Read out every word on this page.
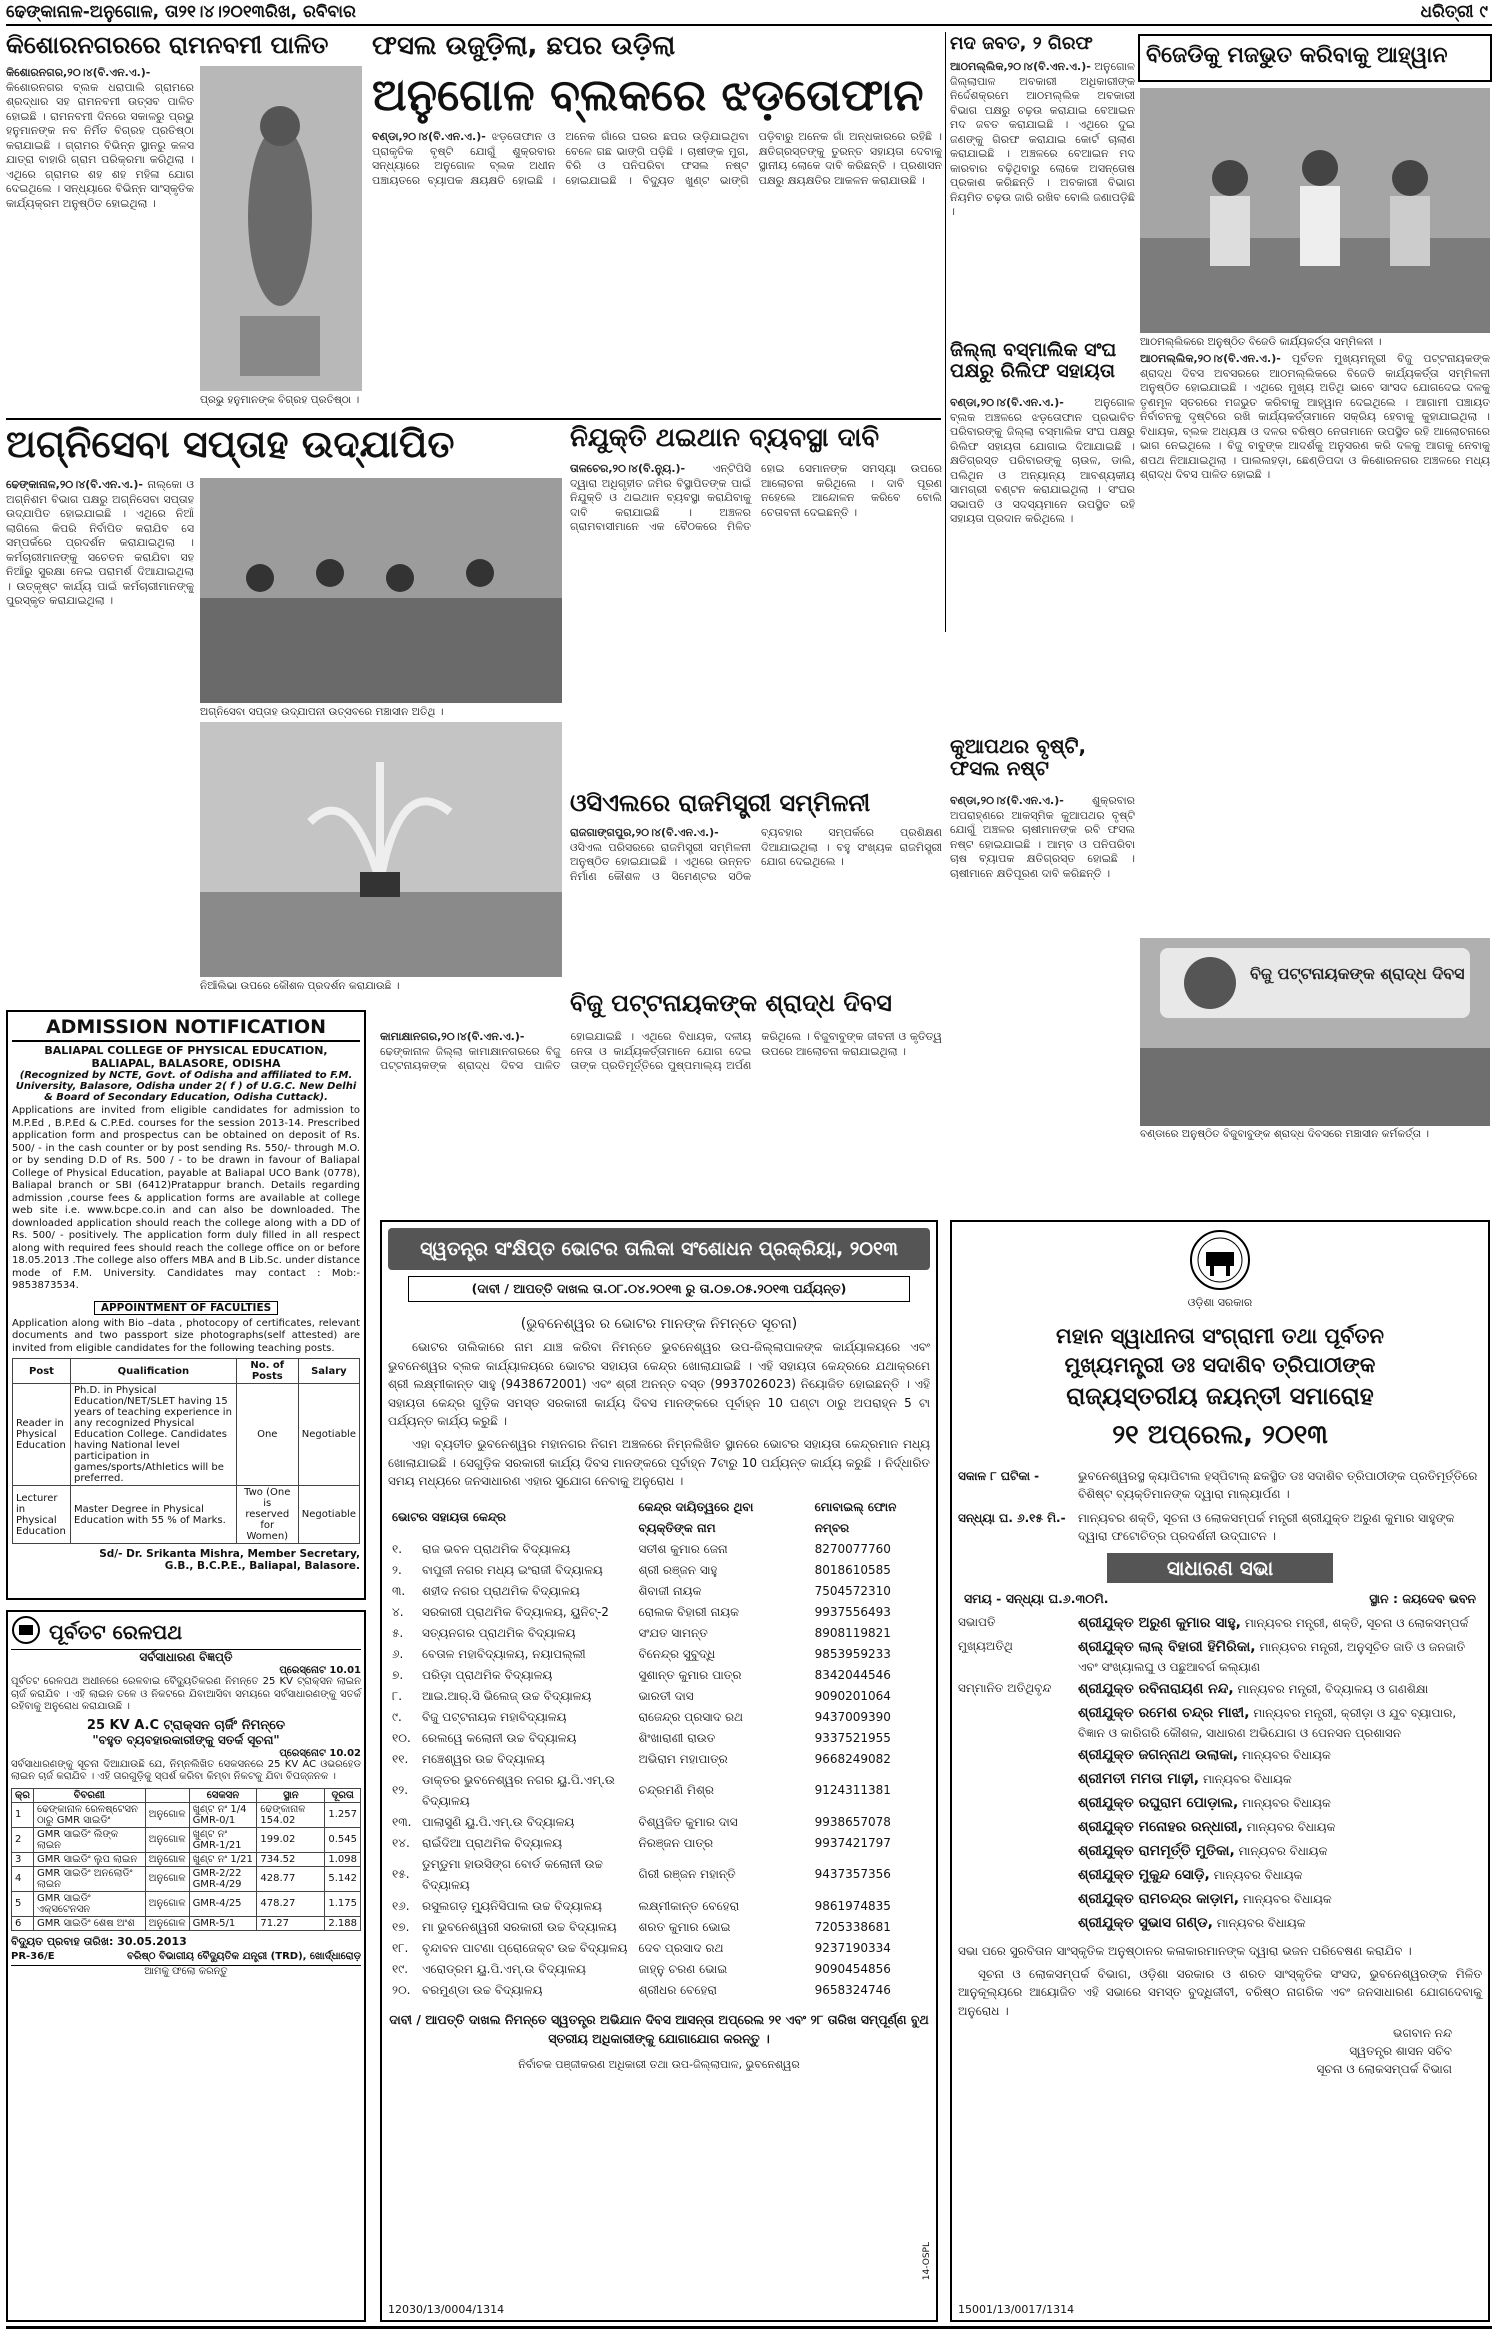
ଢେଙ୍କାନାଳ-ଅନୁଗୋଳ, ତା୨୧।୪।୨୦୧୩ରିଖ, ରବିବାର	ଧରିତ୍ରୀ ୯
କିଶୋରନଗରରେ ରାମନବମୀ ପାଳିତ
କିଶୋରନଗର,୨୦।୪(ବି.ଏନ.ଏ.)- କିଶୋରନଗର ବ୍ଲକ ଧରାପାଲି ଗ୍ରାମରେ ଶ୍ରଦ୍ଧାର ସହ ରାମନବମୀ ଉତ୍ସବ ପାଳିତ ହୋଇଛି । ରାମନବମୀ ଦିନରେ ସକାଳରୁ ପ୍ରଭୁ ହନୁମାନଙ୍କ ନବ ନିର୍ମିତ ବିଗ୍ରହ ପ୍ରତିଷ୍ଠା କରାଯାଇଛି । ଗ୍ରାମର ବିଭିନ୍ନ ସ୍ଥାନରୁ କଳସ ଯାତ୍ରା ବାହାରି ଗ୍ରାମ ପରିକ୍ରମା କରିଥିଲା । ଏଥିରେ ଗ୍ରାମର ଶହ ଶହ ମହିଳା ଯୋଗ ଦେଇଥିଲେ । ସନ୍ଧ୍ୟାରେ ବିଭିନ୍ନ ସାଂସ୍କୃତିକ କାର୍ଯ୍ୟକ୍ରମ ଅନୁଷ୍ଠିତ ହୋଇଥିଲା ।
ପ୍ରଭୁ ହନୁମାନଙ୍କ ବିଗ୍ରହ ପ୍ରତିଷ୍ଠା ।
ଫସଲ ଉଜୁଡ଼ିଲା, ଛପର ଉଡ଼ିଲା
ଅନୁଗୋଳ ବ୍ଲକରେ ଝଡ଼ତୋଫାନ
ବଣ୍ଡା,୨୦।୪(ବି.ଏନ.ଏ.)- ଝଡ଼ତୋଫାନ ଓ ପ୍ରାକୃତିକ ବୃଷ୍ଟି ଯୋଗୁଁ ଶୁକ୍ରବାର ସନ୍ଧ୍ୟାରେ ଅନୁଗୋଳ ବ୍ଲକ ଅଧୀନ ପଞ୍ଚାୟତରେ ବ୍ୟାପକ କ୍ଷୟକ୍ଷତି ହୋଇଛି । ଅନେକ ଗାଁରେ ଘରର ଛପର ଉଡ଼ିଯାଇଥିବା ବେଳେ ଗଛ ଭାଙ୍ଗି ପଡ଼ିଛି । ଚାଷୀଙ୍କ ମୁଗ, ବିରି ଓ ପନିପରିବା ଫସଲ ନଷ୍ଟ ହୋଇଯାଇଛି । ବିଦ୍ୟୁତ ଖୁଣ୍ଟ ଭାଙ୍ଗି ପଡ଼ିବାରୁ ଅନେକ ଗାଁ ଅନ୍ଧକାରରେ ରହିଛି । କ୍ଷତିଗ୍ରସ୍ତଙ୍କୁ ତୁରନ୍ତ ସହାୟତା ଦେବାକୁ ସ୍ଥାନୀୟ ଲୋକେ ଦାବି କରିଛନ୍ତି । ପ୍ରଶାସନ ପକ୍ଷରୁ କ୍ଷୟକ୍ଷତିର ଆକଳନ କରାଯାଉଛି ।
ମଦ ଜବତ, ୨ ଗିରଫ
ଆଠମଲ୍ଲିକ,୨୦।୪(ବି.ଏନ.ଏ.)- ଅନୁଗୋଳ ଜିଲ୍ଲାପାଳ ଅବକାରୀ ଅଧିକାରୀଙ୍କ ନିର୍ଦ୍ଦେଶକ୍ରମେ ଆଠମଲ୍ଲିକ ଅବକାରୀ ବିଭାଗ ପକ୍ଷରୁ ଚଢ଼ଉ କରାଯାଇ ବେଆଇନ ମଦ ଜବତ କରାଯାଇଛି । ଏଥିରେ ଦୁଇ ଜଣଙ୍କୁ ଗିରଫ କରାଯାଇ କୋର୍ଟ ଚାଲାଣ କରାଯାଇଛି । ଅଞ୍ଚଳରେ ବେଆଇନ ମଦ କାରବାର ବଢ଼ିଥିବାରୁ ଲୋକେ ଅସନ୍ତୋଷ ପ୍ରକାଶ କରିଛନ୍ତି । ଅବକାରୀ ବିଭାଗ ନିୟମିତ ଚଢ଼ଉ ଜାରି ରଖିବ ବୋଲି ଜଣାପଡ଼ିଛି ।
ବିଜେଡିକୁ ମଜଭୁତ କରିବାକୁ ଆହ୍ୱାନ
ଆଠମଲ୍ଲିକରେ ଅନୁଷ୍ଠିତ ବିଜେଡି କାର୍ଯ୍ୟକର୍ତ୍ତା ସମ୍ମିଳନୀ ।
ଆଠମଲ୍ଲିକ,୨୦।୪(ବି.ଏନ.ଏ.)- ପୂର୍ବତନ ମୁଖ୍ୟମନ୍ତ୍ରୀ ବିଜୁ ପଟ୍ଟନାୟକଙ୍କ ଶ୍ରାଦ୍ଧ ଦିବସ ଅବସରରେ ଆଠମଲ୍ଲିକରେ ବିଜେଡି କାର୍ଯ୍ୟକର୍ତ୍ତା ସମ୍ମିଳନୀ ଅନୁଷ୍ଠିତ ହୋଇଯାଇଛି । ଏଥିରେ ମୁଖ୍ୟ ଅତିଥି ଭାବେ ସାଂସଦ ଯୋଗଦେଇ ଦଳକୁ ତୃଣମୂଳ ସ୍ତରରେ ମଜଭୁତ କରିବାକୁ ଆହ୍ୱାନ ଦେଇଥିଲେ । ଆଗାମୀ ପଞ୍ଚାୟତ ନିର୍ବାଚନକୁ ଦୃଷ୍ଟିରେ ରଖି କାର୍ଯ୍ୟକର୍ତ୍ତାମାନେ ସକ୍ରିୟ ହେବାକୁ କୁହାଯାଇଥିଲା । ବିଧାୟକ, ବ୍ଲକ ଅଧ୍ୟକ୍ଷ ଓ ଦଳର ବରିଷ୍ଠ ନେତାମାନେ ଉପସ୍ଥିତ ରହି ଆଲୋଚନାରେ ଭାଗ ନେଇଥିଲେ । ବିଜୁ ବାବୁଙ୍କ ଆଦର୍ଶକୁ ଅନୁସରଣ କରି ଦଳକୁ ଆଗକୁ ନେବାକୁ ଶପଥ ନିଆଯାଇଥିଲା । ପାଲଲହଡ଼ା, ଛେଣ୍ଡିପଦା ଓ କିଶୋରନଗର ଅଞ୍ଚଳରେ ମଧ୍ୟ ଶ୍ରାଦ୍ଧ ଦିବସ ପାଳିତ ହୋଇଛି ।
ବିଜୁ ପଟ୍ଟନାୟକଙ୍କ ଶ୍ରାଦ୍ଧ ଦିବସ
ବଣ୍ଡାରେ ଅନୁଷ୍ଠିତ ବିଜୁବାବୁଙ୍କ ଶ୍ରାଦ୍ଧ ଦିବସରେ ମଞ୍ଚାସୀନ କର୍ମକର୍ତ୍ତା ।
ଅଗ୍ନିସେବା ସପ୍ତାହ ଉଦ୍‌ଯାପିତ
ଢେଙ୍କାନାଳ,୨୦।୪(ବି.ଏନ.ଏ.)- ନାଲ୍‌କୋ ଓ ଅଗ୍ନିଶମ ବିଭାଗ ପକ୍ଷରୁ ଅଗ୍ନିସେବା ସପ୍ତାହ ଉଦ୍‌ଯାପିତ ହୋଇଯାଇଛି । ଏଥିରେ ନିଆଁ ଲାଗିଲେ କିପରି ନିର୍ବାପିତ କରାଯିବ ସେ ସମ୍ପର୍କରେ ପ୍ରଦର୍ଶନ କରାଯାଇଥିଲା । କର୍ମଚାରୀମାନଙ୍କୁ ସଚେତନ କରାଯିବା ସହ ନିଆଁରୁ ସୁରକ୍ଷା ନେଇ ପରାମର୍ଶ ଦିଆଯାଇଥିଲା । ଉତ୍କୃଷ୍ଟ କାର୍ଯ୍ୟ ପାଇଁ କର୍ମଚାରୀମାନଙ୍କୁ ପୁରସ୍କୃତ କରାଯାଇଥିଲା ।
ଅଗ୍ନିସେବା ସପ୍ତାହ ଉଦ୍‌ଯାପନୀ ଉତ୍ସବରେ ମଞ୍ଚାସୀନ ଅତିଥି ।
ନିଆଁଲିଭା ଉପରେ କୌଶଳ ପ୍ରଦର୍ଶନ କରାଯାଉଛି ।
ନିଯୁକ୍ତି ଥଇଥାନ ବ୍ୟବସ୍ଥା ଦାବି
ତାଳଚେର,୨୦।୪(ବି.ନ୍ୟୁ.)-	ଏନ୍‌ଟିପିସି ଦ୍ୱାରା ଅଧିଗୃହୀତ ଜମିର ବିସ୍ଥାପିତଙ୍କ ପାଇଁ ନିଯୁକ୍ତି ଓ ଥଇଥାନ ବ୍ୟବସ୍ଥା କରାଯିବାକୁ ଦାବି କରାଯାଇଛି । ଅଞ୍ଚଳର ଗ୍ରାମବାସୀମାନେ ଏକ ବୈଠକରେ ମିଳିତ ହୋଇ ସେମାନଙ୍କ ସମସ୍ୟା ଉପରେ ଆଲୋଚନା କରିଥିଲେ । ଦାବି ପୂରଣ ନହେଲେ ଆନ୍ଦୋଳନ କରିବେ ବୋଲି ଚେତାବନୀ ଦେଇଛନ୍ତି ।
ଜିଲ୍ଲା ବସ୍‌ମାଲିକ ସଂଘ ପକ୍ଷରୁ ରିଲିଫ ସହାୟତା
ବଣ୍ଡା,୨୦।୪(ବି.ଏନ.ଏ.)-	ଅନୁଗୋଳ ବ୍ଲକ ଅଞ୍ଚଳରେ ଝଡ଼ତୋଫାନ ପ୍ରଭାବିତ ପରିବାରଙ୍କୁ ଜିଲ୍ଲା ବସ୍‌ମାଲିକ ସଂଘ ପକ୍ଷରୁ ରିଲିଫ ସହାୟତା ଯୋଗାଇ ଦିଆଯାଇଛି । କ୍ଷତିଗ୍ରସ୍ତ ପରିବାରଙ୍କୁ ଚାଉଳ, ଡାଲି, ପଲିଥିନ ଓ ଅନ୍ୟାନ୍ୟ ଆବଶ୍ୟକୀୟ ସାମଗ୍ରୀ ବଣ୍ଟନ କରାଯାଇଥିଲା । ସଂଘର ସଭାପତି ଓ ସଦସ୍ୟମାନେ ଉପସ୍ଥିତ ରହି ସହାୟତା ପ୍ରଦାନ କରିଥିଲେ ।
କୁଆପଥର ବୃଷ୍ଟି, ଫସଲ ନଷ୍ଟ
ବଣ୍ଡା,୨୦।୪(ବି.ଏନ.ଏ.)-	ଶୁକ୍ରବାର ଅପରାହ୍ଣରେ ଆକସ୍ମିକ କୁଆପଥର ବୃଷ୍ଟି ଯୋଗୁଁ ଅଞ୍ଚଳର ଚାଷୀମାନଙ୍କ ରବି ଫସଲ ନଷ୍ଟ ହୋଇଯାଇଛି । ଆମ୍ବ ଓ ପନିପରିବା ଚାଷ ବ୍ୟାପକ କ୍ଷତିଗ୍ରସ୍ତ ହୋଇଛି । ଚାଷୀମାନେ କ୍ଷତିପୂରଣ ଦାବି କରିଛନ୍ତି ।
ଓସିଏଲରେ ରାଜମିସ୍ତ୍ରୀ ସମ୍ମିଳନୀ
ରାଜଗାଙ୍ଗପୁର,୨୦।୪(ବି.ଏନ.ଏ.)- ଓସିଏଲ ପରିସରରେ ରାଜମିସ୍ତ୍ରୀ ସମ୍ମିଳନୀ ଅନୁଷ୍ଠିତ ହୋଇଯାଇଛି । ଏଥିରେ ଉନ୍ନତ ନିର୍ମାଣ କୌଶଳ ଓ ସିମେଣ୍ଟର ସଠିକ ବ୍ୟବହାର ସମ୍ପର୍କରେ ପ୍ରଶିକ୍ଷଣ ଦିଆଯାଇଥିଲା । ବହୁ ସଂଖ୍ୟକ ରାଜମିସ୍ତ୍ରୀ ଯୋଗ ଦେଇଥିଲେ ।
ବିଜୁ ପଟ୍ଟନାୟକଙ୍କ ଶ୍ରାଦ୍ଧ ଦିବସ
କାମାକ୍ଷାନଗର,୨୦।୪(ବି.ଏନ.ଏ.)- ଢେଙ୍କାନାଳ ଜିଲ୍ଲା କାମାକ୍ଷାନଗରରେ ବିଜୁ ପଟ୍ଟନାୟକଙ୍କ ଶ୍ରାଦ୍ଧ ଦିବସ ପାଳିତ ହୋଇଯାଇଛି । ଏଥିରେ ବିଧାୟକ, ଦଳୀୟ ନେତା ଓ କାର୍ଯ୍ୟକର୍ତ୍ତାମାନେ ଯୋଗ ଦେଇ ତାଙ୍କ ପ୍ରତିମୂର୍ତ୍ତିରେ ପୁଷ୍ପମାଲ୍ୟ ଅର୍ପଣ କରିଥିଲେ । ବିଜୁବାବୁଙ୍କ ଜୀବନୀ ଓ କୃତିତ୍ୱ ଉପରେ ଆଲୋଚନା କରାଯାଇଥିଲା ।
ADMISSION NOTIFICATION
BALIAPAL COLLEGE OF PHYSICAL EDUCATION, BALIAPAL, BALASORE, ODISHA
(Recognized by NCTE, Govt. of Odisha and affiliated to F.M. University, Balasore, Odisha under 2( f ) of U.G.C. New Delhi & Board of Secondary Education, Odisha Cuttack).
Applications are invited from eligible candidates for admission to M.P.Ed , B.P.Ed & C.P.Ed. courses for the session 2013-14. Prescribed application form and prospectus can be obtained on deposit of Rs. 500/ - in the cash counter or by post sending Rs. 550/- through M.O. or by sending D.D of Rs. 500 / - to be drawn in favour of Baliapal College of Physical Education, payable at Baliapal UCO Bank (0778), Baliapal branch or SBI (6412)Pratappur branch. Details regarding admission ,course fees & application forms are available at college web site i.e. www.bcpe.co.in and can also be downloaded. The downloaded application should reach the college along with a DD of Rs. 500/ - positively. The application form duly filled in all respect along with required fees should reach the college office on or before 18.05.2013 .The college also offers MBA and B Lib.Sc. under distance mode of F.M. University. Candidates may contact : Mob:- 9853873534.
APPOINTMENT OF FACULTIES
Application along with Bio –data , photocopy of certificates, relevant documents and two passport size photographs(self attested) are invited from eligible candidates for the following teaching posts.
Post	Qualification	No. of Posts	Salary
Reader in Physical Education	Ph.D. in Physical Education/NET/SLET having 15 years of teaching experience in any recognized Physical Education College. Candidates having National level participation in games/sports/Athletics will be preferred.	One	Negotiable
Lecturer in Physical Education	Master Degree in Physical Education with 55 % of Marks.	Two (One is reserved for Women)	Negotiable
Sd/- Dr. Srikanta Mishra, Member Secretary,
G.B., B.C.P.E., Baliapal, Balasore.
ପୂର୍ବତଟ ରେଳପଥ
ସର୍ବସାଧାରଣ ବିଜ୍ଞପ୍ତି
ପ୍ରେସ୍‌ନୋଟ 10.01
ପୂର୍ବତଟ ରେଳପଥ ଅଧୀନରେ ରେଳବାଇ ବୈଦ୍ୟୁତିକରଣ ନିମନ୍ତେ 25 KV ଟ୍ରାକ୍ସନ ଲାଇନ ଚାର୍ଜ କରାଯିବ । ଏହି ଲାଇନ ତଳେ ଓ ନିକଟରେ ଯିବାଆସିବା ସମୟରେ ସର୍ବସାଧାରଣଙ୍କୁ ସତର୍କ ରହିବାକୁ ଅନୁରୋଧ କରାଯାଉଛି ।
25 KV A.C ଟ୍ରାକ୍ସନ ଚାର୍ଜିଂ ନିମନ୍ତେ
"ବହୁତ ବ୍ୟବହାରକାରୀଙ୍କୁ ସତର୍କ ସୂଚନା"
ପ୍ରେସ୍‌ନୋଟ 10.02
ସର୍ବସାଧାରଣଙ୍କୁ ସୂଚନା ଦିଆଯାଉଛି ଯେ, ନିମ୍ନଲିଖିତ ସେକସନରେ 25 KV AC ଓଭରହେଡ ଲାଇନ ଚାର୍ଜ କରାଯିବ । ଏହି ତାରଗୁଡ଼ିକୁ ସ୍ପର୍ଶ କରିବା କିମ୍ବା ନିକଟକୁ ଯିବା ବିପଜ୍ଜନକ ।
କ୍ର	ବିବରଣୀ		ସେକସନ	ସ୍ଥାନ	ଦୂରତା
1	ଢେଙ୍କାନାଳ ରେଳଷ୍ଟେସନ ଠାରୁ GMR ସାଇଡିଂ	ଅନୁଗୋଳ	ଖୁଣ୍ଟ ନଂ 1/4 GMR-0/1	ଢେଙ୍କାନାଳ 154.02	1.257
2	GMR ସାଇଡିଂ ଲିଙ୍କ ଲାଇନ	ଅନୁଗୋଳ	ଖୁଣ୍ଟ ନଂ GMR-1/21	199.02	0.545
3	GMR ସାଇଡିଂ ଲୁପ ଲାଇନ	ଅନୁଗୋଳ	ଖୁଣ୍ଟ ନଂ 1/21	734.52	1.098
4	GMR ସାଇଡିଂ ଅନଲୋଡିଂ ଲାଇନ	ଅନୁଗୋଳ	GMR-2/22 GMR-4/29	428.77	5.142
5	GMR ସାଇଡିଂ ଏକ୍ସଟେନସନ	ଅନୁଗୋଳ	GMR-4/25	478.27	1.175
6	GMR ସାଇଡିଂ ଶେଷ ଅଂଶ	ଅନୁଗୋଳ	GMR-5/1	71.27	2.188
ବିଦ୍ୟୁତ ପ୍ରବାହ ତାରିଖ: 30.05.2013
PR-36/E	ବରିଷ୍ଠ ବିଭାଗୀୟ ବୈଦ୍ୟୁତିକ ଯନ୍ତ୍ରୀ (TRD), ଖୋର୍ଦ୍ଧାରୋଡ଼
ଆମକୁ ଫଲୋ କରନ୍ତୁ
ସ୍ୱତନ୍ତ୍ର ସଂକ୍ଷିପ୍ତ ଭୋଟର ତାଲିକା ସଂଶୋଧନ ପ୍ରକ୍ରିୟା, ୨୦୧୩
(ଦାବୀ / ଆପତ୍ତି ଦାଖଲ ତା.୦୮.୦୪.୨୦୧୩ ରୁ ତା.୦୭.୦୫.୨୦୧୩ ପର୍ଯ୍ୟନ୍ତ)
(ଭୁବନେଶ୍ୱର ର ଭୋଟର ମାନଙ୍କ ନିମନ୍ତେ ସୂଚନା)
ଭୋଟର ତାଲିକାରେ ନାମ ଯାଞ୍ଚ କରିବା ନିମନ୍ତେ ଭୁବନେଶ୍ୱର ଉପ-ଜିଲ୍ଲାପାଳଙ୍କ କାର୍ଯ୍ୟାଳୟରେ ଏବଂ ଭୁବନେଶ୍ୱର ବ୍ଲକ କାର୍ଯ୍ୟାଳୟରେ ଭୋଟର ସହାୟତା କେନ୍ଦ୍ର ଖୋଲାଯାଇଛି । ଏହି ସହାୟତା କେନ୍ଦ୍ରରେ ଯଥାକ୍ରମେ ଶ୍ରୀ ଲକ୍ଷ୍ମୀକାନ୍ତ ସାହୁ (9438672001) ଏବଂ ଶ୍ରୀ ଅନନ୍ତ ବସ୍ତ (9937026023) ନିୟୋଜିତ ହୋଇଛନ୍ତି । ଏହି ସହାୟତା କେନ୍ଦ୍ର ଗୁଡ଼ିକ ସମସ୍ତ ସରକାରୀ କାର୍ଯ୍ୟ ଦିବସ ମାନଙ୍କରେ ପୂର୍ବାହ୍ନ 10 ଘଣ୍ଟା ଠାରୁ ଅପରାହ୍ନ 5 ଟା ପର୍ଯ୍ୟନ୍ତ କାର୍ଯ୍ୟ କରୁଛି ।
ଏହା ବ୍ୟତୀତ ଭୁବନେଶ୍ୱର ମହାନଗର ନିଗମ ଅଞ୍ଚଳରେ ନିମ୍ନଲିଖିତ ସ୍ଥାନରେ ଭୋଟର ସହାୟତା କେନ୍ଦ୍ରମାନ ମଧ୍ୟ ଖୋଲାଯାଇଛି । ସେଗୁଡ଼ିକ ସରକାରୀ କାର୍ଯ୍ୟ ଦିବସ ମାନଙ୍କରେ ପୂର୍ବାହ୍ନ 7ଟାରୁ 10 ପର୍ଯ୍ୟନ୍ତ କାର୍ଯ୍ୟ କରୁଛି । ନିର୍ଦ୍ଧାରିତ ସମୟ ମଧ୍ୟରେ ଜନସାଧାରଣ ଏହାର ସୁଯୋଗ ନେବାକୁ ଅନୁରୋଧ ।
ଭୋଟର ସହାୟତା କେନ୍ଦ୍ର		କେନ୍ଦ୍ର ଦାୟିତ୍ୱରେ ଥିବା ବ୍ୟକ୍ତିଙ୍କ ନାମ	ମୋବାଇଲ୍ ଫୋନ ନମ୍ବର
୧.	ରାଜ ଭବନ ପ୍ରାଥମିକ ବିଦ୍ୟାଳୟ	ସତୀଶ କୁମାର ଜେନା	8270077760
୨.	ବାପୁଜୀ ନଗର ମଧ୍ୟ ଇଂରାଜୀ ବିଦ୍ୟାଳୟ	ଶ୍ରୀ ରଞ୍ଜନ ସାହୁ	8018610585
୩.	ଶହୀଦ ନଗର ପ୍ରାଥମିକ ବିଦ୍ୟାଳୟ	ଶିବାଜୀ ନାୟକ	7504572310
୪.	ସରକାରୀ ପ୍ରାଥମିକ ବିଦ୍ୟାଳୟ, ୟୁନିଟ୍-2	ରୋଲକ ବିହାରୀ ନାୟକ	9937556493
୫.	ସତ୍ୟନଗର ପ୍ରାଥମିକ ବିଦ୍ୟାଳୟ	ସଂଯତ ସାମନ୍ତ	8908119821
୬.	ବେତାଳ ମହାବିଦ୍ୟାଳୟ, ନୟାପଲ୍ଲୀ	ବିନେନ୍ଦ୍ର ସୁବୁଦ୍ଧି	9853959233
୭.	ପରିଡ଼ା ପ୍ରାଥମିକ ବିଦ୍ୟାଳୟ	ସୁଶାନ୍ତ କୁମାର ପାତ୍ର	8342044546
୮.	ଆଇ.ଆର୍.ସି ଭିଲେଜ୍ ଉଚ୍ଚ ବିଦ୍ୟାଳୟ	ଭାରତୀ ଦାସ	9090201064
୯.	ବିଜୁ ପଟ୍ଟନାୟକ ମହାବିଦ୍ୟାଳୟ	ରାଜେନ୍ଦ୍ର ପ୍ରସାଦ ରଥ	9437009390
୧୦.	ରେଲୱେ କଲୋନୀ ଉଚ୍ଚ ବିଦ୍ୟାଳୟ	ଶିଂଖାରାଣୀ ରାଉତ	9337521955
୧୧.	ମଞ୍ଚେଶ୍ୱର ଉଚ୍ଚ ବିଦ୍ୟାଳୟ	ଅଭିରାମ ମହାପାତ୍ର	9668249082
୧୨.	ଡାକ୍ତର ଭୁବନେଶ୍ୱର ନଗର ୟୁ.ପି.ଏମ୍.ଉ ବିଦ୍ୟାଳୟ	ଚନ୍ଦ୍ରମଣି ମିଶ୍ର	9124311381
୧୩.	ପାଲାସୁଣି ୟୁ.ପି.ଏମ୍.ଉ ବିଦ୍ୟାଳୟ	ବିଶ୍ୱଜିତ କୁମାର ଦାସ	9938657078
୧୪.	ରାଇଁଦିଆ ପ୍ରାଥମିକ ବିଦ୍ୟାଳୟ	ନିରଞ୍ଜନ ପାତ୍ର	9937421797
୧୫.	ଡୁମ୍ଡୁମା ହାଉସିଙ୍ଗ ବୋର୍ଡ କଲୋନୀ ଉଚ୍ଚ ବିଦ୍ୟାଳୟ	ଗିରୀ ରଞ୍ଜନ ମହାନ୍ତି	9437357356
୧୬.	ରସୁଲଗଡ଼ ମ୍ୟୁନିସିପାଲ ଉଚ୍ଚ ବିଦ୍ୟାଳୟ	ଲକ୍ଷ୍ମୀକାନ୍ତ ବେହେରା	9861974835
୧୭.	ମା ଭୁବନେଶ୍ୱରୀ ସରକାରୀ ଉଚ୍ଚ ବିଦ୍ୟାଳୟ	ଶରତ କୁମାର ଭୋଇ	7205338681
୧୮.	ବୃନ୍ଦାବନ ପାଟଣା ପ୍ରୋଜେକ୍ଟ ଉଚ୍ଚ ବିଦ୍ୟାଳୟ	ଦେବ ପ୍ରସାଦ ରଥ	9237190334
୧୯.	ଏରୋଡ୍ରମ ୟୁ.ପି.ଏମ୍.ଉ ବିଦ୍ୟାଳୟ	ଜାହ୍ନୁ ଚରଣ ଭୋଇ	9090454856
୨୦.	ବରମୁଣ୍ଡା ଉଚ୍ଚ ବିଦ୍ୟାଳୟ	ଶ୍ରୀଧର ବେହେରା	9658324746
ଦାବୀ / ଆପତ୍ତି ଦାଖଲ ନିମନ୍ତେ ସ୍ୱତନ୍ତ୍ର ଅଭିଯାନ ଦିବସ ଆସନ୍ତା ଅପ୍ରେଲ ୨୧ ଏବଂ ୨୮ ତାରିଖ ସମ୍ପୂର୍ଣ୍ଣ ବୁଥ ସ୍ତରୀୟ ଅଧିକାରୀଙ୍କୁ ଯୋଗାଯୋଗ କରନ୍ତୁ ।
ନିର୍ବାଚକ ପଞ୍ଜୀକରଣ ଅଧିକାରୀ ତଥା ଉପ-ଜିଲ୍ଲାପାଳ, ଭୁବନେଶ୍ୱର
12030/13/0004/1314
14-OSPL
ଓଡ଼ିଶା ସରକାର
ମହାନ ସ୍ୱାଧୀନତା ସଂଗ୍ରାମୀ ତଥା ପୂର୍ବତନ
ମୁଖ୍ୟମନ୍ତ୍ରୀ ଡଃ ସଦାଶିବ ତ୍ରିପାଠୀଙ୍କ
ରାଜ୍ୟସ୍ତରୀୟ ଜୟନ୍ତୀ ସମାରୋହ
୨୧ ଅପ୍ରେଲ, ୨୦୧୩
ସକାଳ ୮ ଘଟିକା -	ଭୁବନେଶ୍ୱରସ୍ଥ କ୍ୟାପିଟାଲ ହସ୍ପିଟାଲ୍ ଛକସ୍ଥିତ ଡଃ ସଦାଶିବ ତ୍ରିପାଠୀଙ୍କ ପ୍ରତିମୂର୍ତ୍ତିରେ ବିଶିଷ୍ଟ ବ୍ୟକ୍ତିମାନଙ୍କ ଦ୍ୱାରା ମାଲ୍ୟାର୍ପଣ ।
ସନ୍ଧ୍ୟା ଘ. ୬.୧୫ ମି.-	ମାନ୍ୟବର ଶକ୍ତି, ସୂଚନା ଓ ଲୋକସମ୍ପର୍କ ମନ୍ତ୍ରୀ ଶ୍ରୀଯୁକ୍ତ ଅରୁଣ କୁମାର ସାହୁଙ୍କ ଦ୍ୱାରା ଫଟୋଚିତ୍ର ପ୍ରଦର୍ଶନୀ ଉଦ୍‌ଘାଟନ ।
ସାଧାରଣ ସଭା
ସମୟ - ସନ୍ଧ୍ୟା ଘ.୬.୩୦ମି.	ସ୍ଥାନ : ଜୟଦେବ ଭବନ
ସଭାପତି	ଶ୍ରୀଯୁକ୍ତ ଅରୁଣ କୁମାର ସାହୁ, ମାନ୍ୟବର ମନ୍ତ୍ରୀ, ଶକ୍ତି, ସୂଚନା ଓ ଲୋକସମ୍ପର୍କ
ମୁଖ୍ୟଅତିଥି	ଶ୍ରୀଯୁକ୍ତ ଲାଲ୍ ବିହାରୀ ହିମିରିକା, ମାନ୍ୟବର ମନ୍ତ୍ରୀ, ଅନୁସୂଚିତ ଜାତି ଓ ଜନଜାତି ଏବଂ ସଂଖ୍ୟାଲଘୁ ଓ ପଛୁଆବର୍ଗ କଲ୍ୟାଣ
ସମ୍ମାନିତ ଅତିଥିବୃନ୍ଦ	ଶ୍ରୀଯୁକ୍ତ ରବିନାରାୟଣ ନନ୍ଦ, ମାନ୍ୟବର ମନ୍ତ୍ରୀ, ବିଦ୍ୟାଳୟ ଓ ଗଣଶିକ୍ଷା
ଶ୍ରୀଯୁକ୍ତ ରମେଶ ଚନ୍ଦ୍ର ମାଝୀ, ମାନ୍ୟବର ମନ୍ତ୍ରୀ, କ୍ରୀଡ଼ା ଓ ଯୁବ ବ୍ୟାପାର, ବିଜ୍ଞାନ ଓ କାରିଗରି କୌଶଳ, ସାଧାରଣ ଅଭିଯୋଗ ଓ ପେନସନ ପ୍ରଶାସନ
ଶ୍ରୀଯୁକ୍ତ ଜଗନ୍ନାଥ ଉଲାକା, ମାନ୍ୟବର ବିଧାୟକ
ଶ୍ରୀମତୀ ମମତା ମାଢ଼ୀ, ମାନ୍ୟବର ବିଧାୟକ
ଶ୍ରୀଯୁକ୍ତ ରଘୁରାମ ପୋଡ଼ାଲ, ମାନ୍ୟବର ବିଧାୟକ
ଶ୍ରୀଯୁକ୍ତ ମନୋହର ରନ୍ଧାରୀ, ମାନ୍ୟବର ବିଧାୟକ
ଶ୍ରୀଯୁକ୍ତ ରାମମୂର୍ତ୍ତି ମୁତିକା, ମାନ୍ୟବର ବିଧାୟକ
ଶ୍ରୀଯୁକ୍ତ ମୁକୁନ୍ଦ ସୋଡ଼ି, ମାନ୍ୟବର ବିଧାୟକ
ଶ୍ରୀଯୁକ୍ତ ରାମଚନ୍ଦ୍ର କାଡ଼ାମ, ମାନ୍ୟବର ବିଧାୟକ
ଶ୍ରୀଯୁକ୍ତ ସୁଭାସ ଗଣ୍ଡ, ମାନ୍ୟବର ବିଧାୟକ
ସଭା ପରେ ସୁରବିତାନ ସାଂସ୍କୃତିକ ଅନୁଷ୍ଠାନର କଳାକାରମାନଙ୍କ ଦ୍ୱାରା ଭଜନ ପରିବେଷଣ କରାଯିବ ।
ସୂଚନା ଓ ଲୋକସମ୍ପର୍କ ବିଭାଗ, ଓଡ଼ିଶା ସରକାର ଓ ଶରତ ସାଂସ୍କୃତିକ ସଂସଦ, ଭୁବନେଶ୍ୱରଙ୍କ ମିଳିତ ଆନୁକୂଲ୍ୟରେ ଆୟୋଜିତ ଏହି ସଭାରେ ସମସ୍ତ ବୁଦ୍ଧିଜୀବୀ, ବରିଷ୍ଠ ନାଗରିକ ଏବଂ ଜନସାଧାରଣ ଯୋଗଦେବାକୁ ଅନୁରୋଧ ।
ଭଗବାନ ନନ୍ଦ
ସ୍ୱତନ୍ତ୍ର ଶାସନ ସଚିବ
ସୂଚନା ଓ ଲୋକସମ୍ପର୍କ ବିଭାଗ
15001/13/0017/1314
